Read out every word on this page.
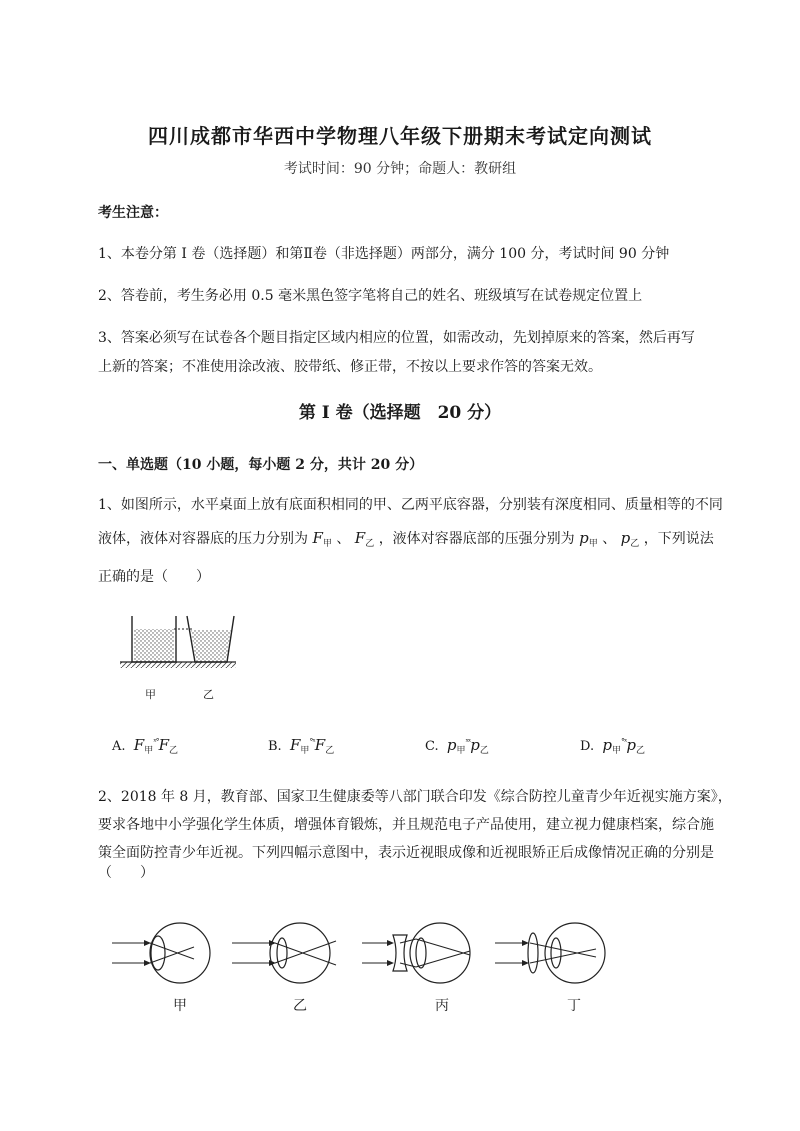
四川成都市华西中学物理八年级下册期末考试定向测试
考试时间：90 分钟；命题人：教研组
考生注意：
1、本卷分第 I 卷（选择题）和第Ⅱ卷（非选择题）两部分，满分 100 分，考试时间 90 分钟
2、答卷前，考生务必用 0.5 毫米黑色签字笔将自己的姓名、班级填写在试卷规定位置上
3、答案必须写在试卷各个题目指定区域内相应的位置，如需改动，先划掉原来的答案，然后再写上新的答案；不准使用涂改液、胶带纸、修正带，不按以上要求作答的答案无效。
第 I 卷（选择题　20 分）
一、单选题（10 小题，每小题 2 分，共计 20 分）
1、如图所示，水平桌面上放有底面积相同的甲、乙两平底容器，分别装有深度相同、质量相等的不同
液体，液体对容器底的压力分别为 $F_甲$ 、 $F_乙$ ，液体对容器底部的压强分别为 $p_甲$ 、 $p_乙$ ，下列说法
正确的是（　　）
甲	乙
A. $F_甲^{ˣ^\circ}F_乙$	B. $F_甲^{^\circ ˣ}F_乙$	C. $p_甲^{ˣˣ}p_乙$	D. $p_甲^{^\circ ˣ}p_乙$
2、2018 年 8 月，教育部、国家卫生健康委等八部门联合印发《综合防控儿童青少年近视实施方案》，
要求各地中小学强化学生体质，增强体育锻炼，并且规范电子产品使用，建立视力健康档案，综合施
策全面防控青少年近视。下列四幅示意图中，表示近视眼成像和近视眼矫正后成像情况正确的分别是
（　　）
甲	乙	丙	丁
